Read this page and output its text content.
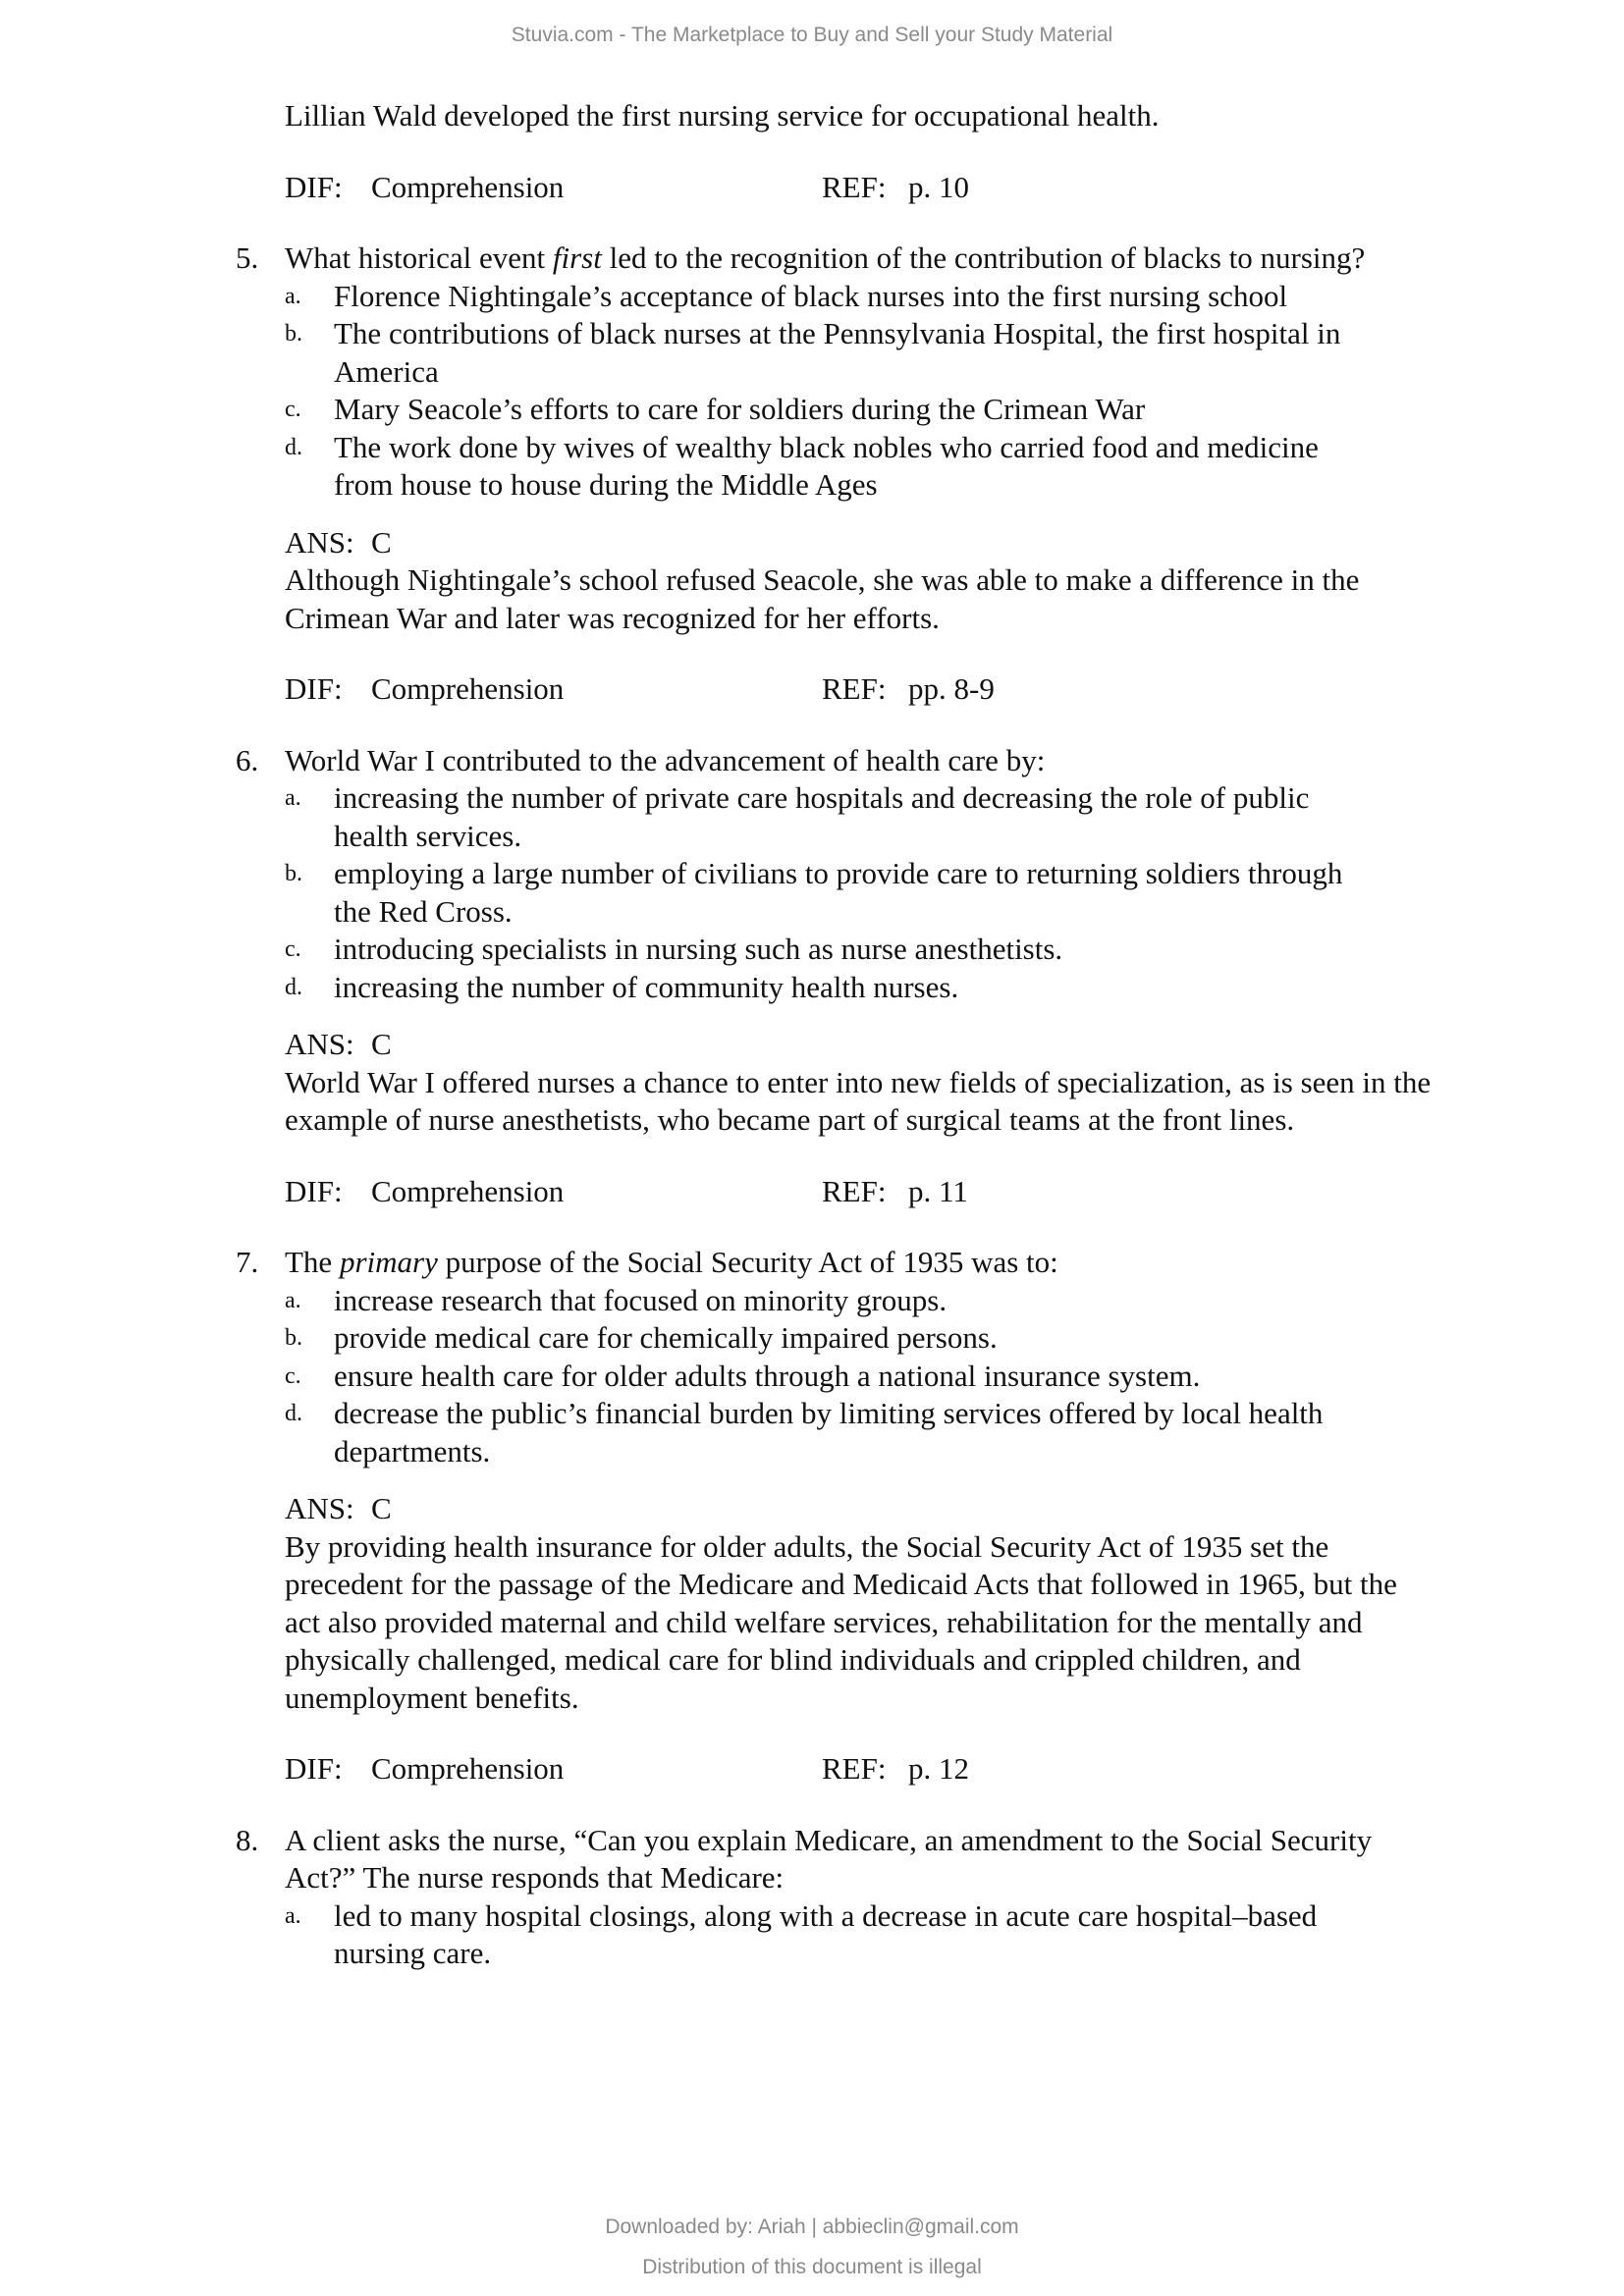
Stuvia.com - The Marketplace to Buy and Sell your Study Material
Lillian Wald developed the first nursing service for occupational health.
DIF: Comprehension	REF: p. 10
5. What historical event first led to the recognition of the contribution of blacks to nursing?
a. Florence Nightingale’s acceptance of black nurses into the first nursing school
b. The contributions of black nurses at the Pennsylvania Hospital, the first hospital in
America
c. Mary Seacole’s efforts to care for soldiers during the Crimean War
d. The work done by wives of wealthy black nobles who carried food and medicine
from house to house during the Middle Ages
ANS: C
Although Nightingale’s school refused Seacole, she was able to make a difference in the
Crimean War and later was recognized for her efforts.
DIF: Comprehension	REF: pp. 8-9
6. World War I contributed to the advancement of health care by:
a. increasing the number of private care hospitals and decreasing the role of public
health services.
b. employing a large number of civilians to provide care to returning soldiers through
the Red Cross.
c. introducing specialists in nursing such as nurse anesthetists.
d. increasing the number of community health nurses.
ANS: C
World War I offered nurses a chance to enter into new fields of specialization, as is seen in the
example of nurse anesthetists, who became part of surgical teams at the front lines.
DIF: Comprehension	REF: p. 11
7. The primary purpose of the Social Security Act of 1935 was to:
a. increase research that focused on minority groups.
b. provide medical care for chemically impaired persons.
c. ensure health care for older adults through a national insurance system.
d. decrease the public’s financial burden by limiting services offered by local health
departments.
ANS: C
By providing health insurance for older adults, the Social Security Act of 1935 set the
precedent for the passage of the Medicare and Medicaid Acts that followed in 1965, but the
act also provided maternal and child welfare services, rehabilitation for the mentally and
physically challenged, medical care for blind individuals and crippled children, and
unemployment benefits.
DIF: Comprehension	REF: p. 12
8. A client asks the nurse, “Can you explain Medicare, an amendment to the Social Security
Act?” The nurse responds that Medicare:
a. led to many hospital closings, along with a decrease in acute care hospital–based
nursing care.
Downloaded by: Ariah | abbieclin@gmail.com
Distribution of this document is illegal
